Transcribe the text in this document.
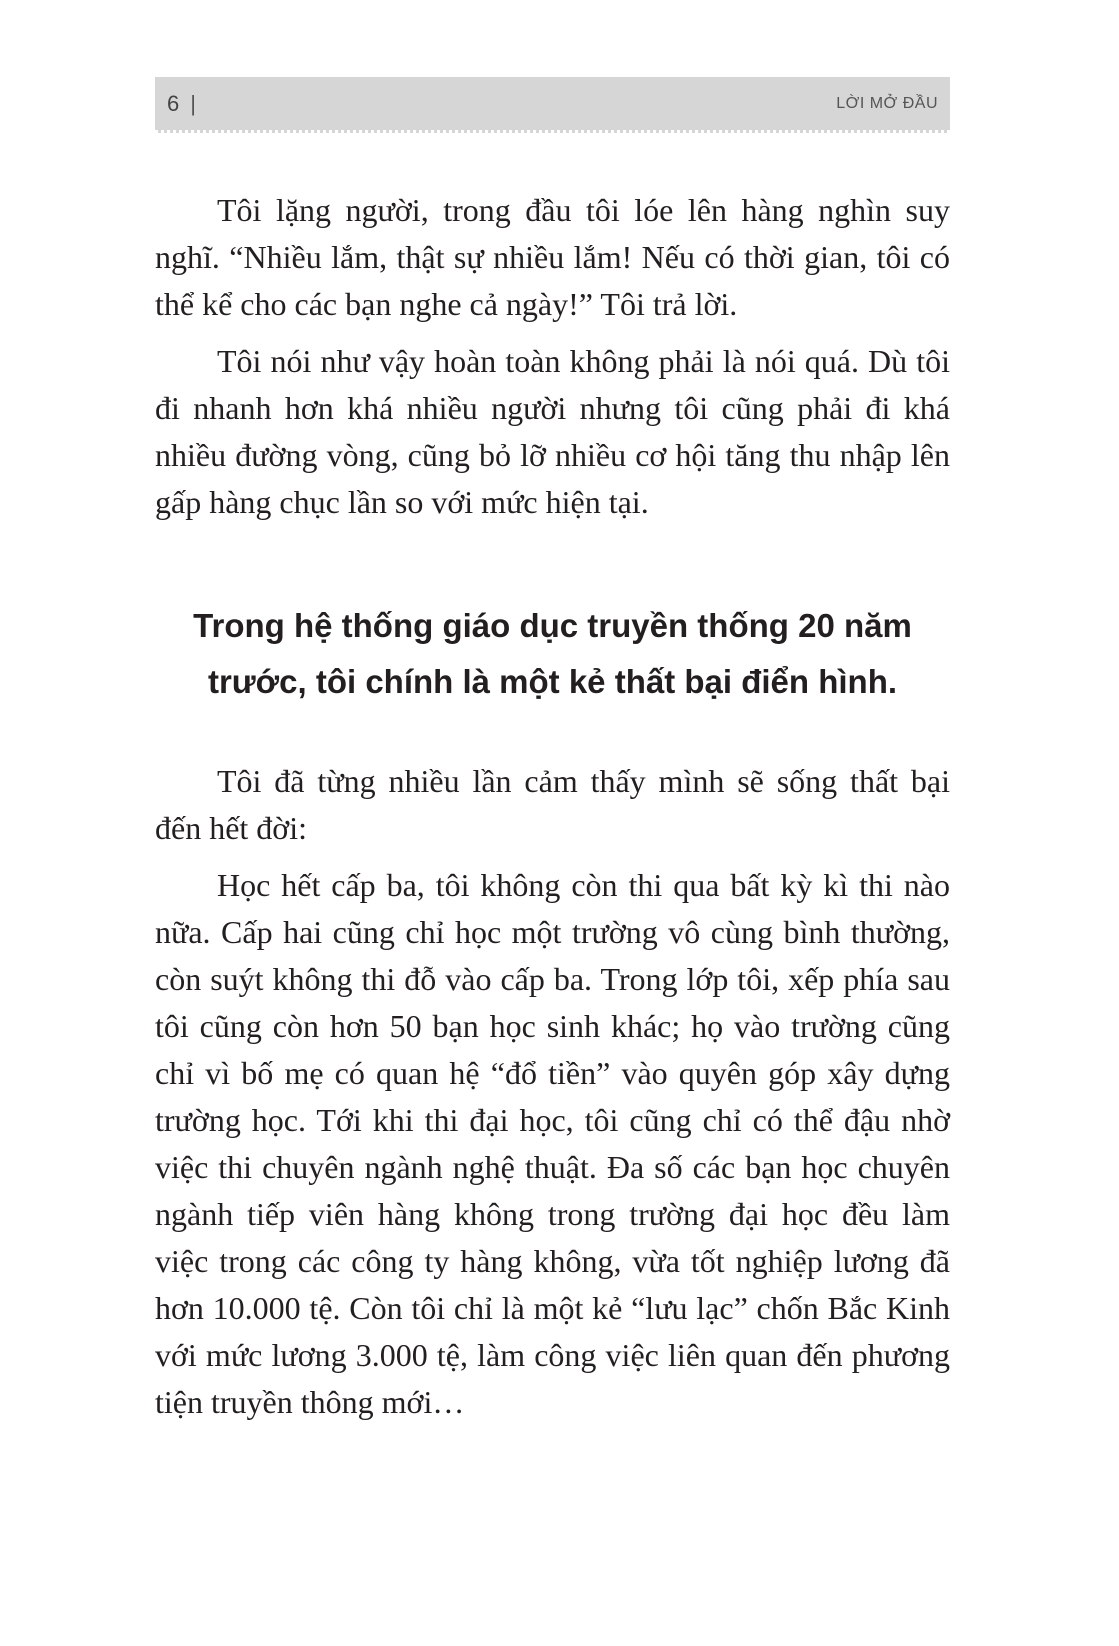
6 |	LỜI MỞ ĐẦU

Tôi lặng người, trong đầu tôi lóe lên hàng nghìn suy nghĩ. “Nhiều lắm, thật sự nhiều lắm! Nếu có thời gian, tôi có thể kể cho các bạn nghe cả ngày!” Tôi trả lời.

Tôi nói như vậy hoàn toàn không phải là nói quá. Dù tôi đi nhanh hơn khá nhiều người nhưng tôi cũng phải đi khá nhiều đường vòng, cũng bỏ lỡ nhiều cơ hội tăng thu nhập lên gấp hàng chục lần so với mức hiện tại.

Trong hệ thống giáo dục truyền thống 20 năm trước, tôi chính là một kẻ thất bại điển hình.

Tôi đã từng nhiều lần cảm thấy mình sẽ sống thất bại đến hết đời:

Học hết cấp ba, tôi không còn thi qua bất kỳ kì thi nào nữa. Cấp hai cũng chỉ học một trường vô cùng bình thường, còn suýt không thi đỗ vào cấp ba. Trong lớp tôi, xếp phía sau tôi cũng còn hơn 50 bạn học sinh khác; họ vào trường cũng chỉ vì bố mẹ có quan hệ “đổ tiền” vào quyên góp xây dựng trường học. Tới khi thi đại học, tôi cũng chỉ có thể đậu nhờ việc thi chuyên ngành nghệ thuật. Đa số các bạn học chuyên ngành tiếp viên hàng không trong trường đại học đều làm việc trong các công ty hàng không, vừa tốt nghiệp lương đã hơn 10.000 tệ. Còn tôi chỉ là một kẻ “lưu lạc” chốn Bắc Kinh với mức lương 3.000 tệ, làm công việc liên quan đến phương tiện truyền thông mới…
